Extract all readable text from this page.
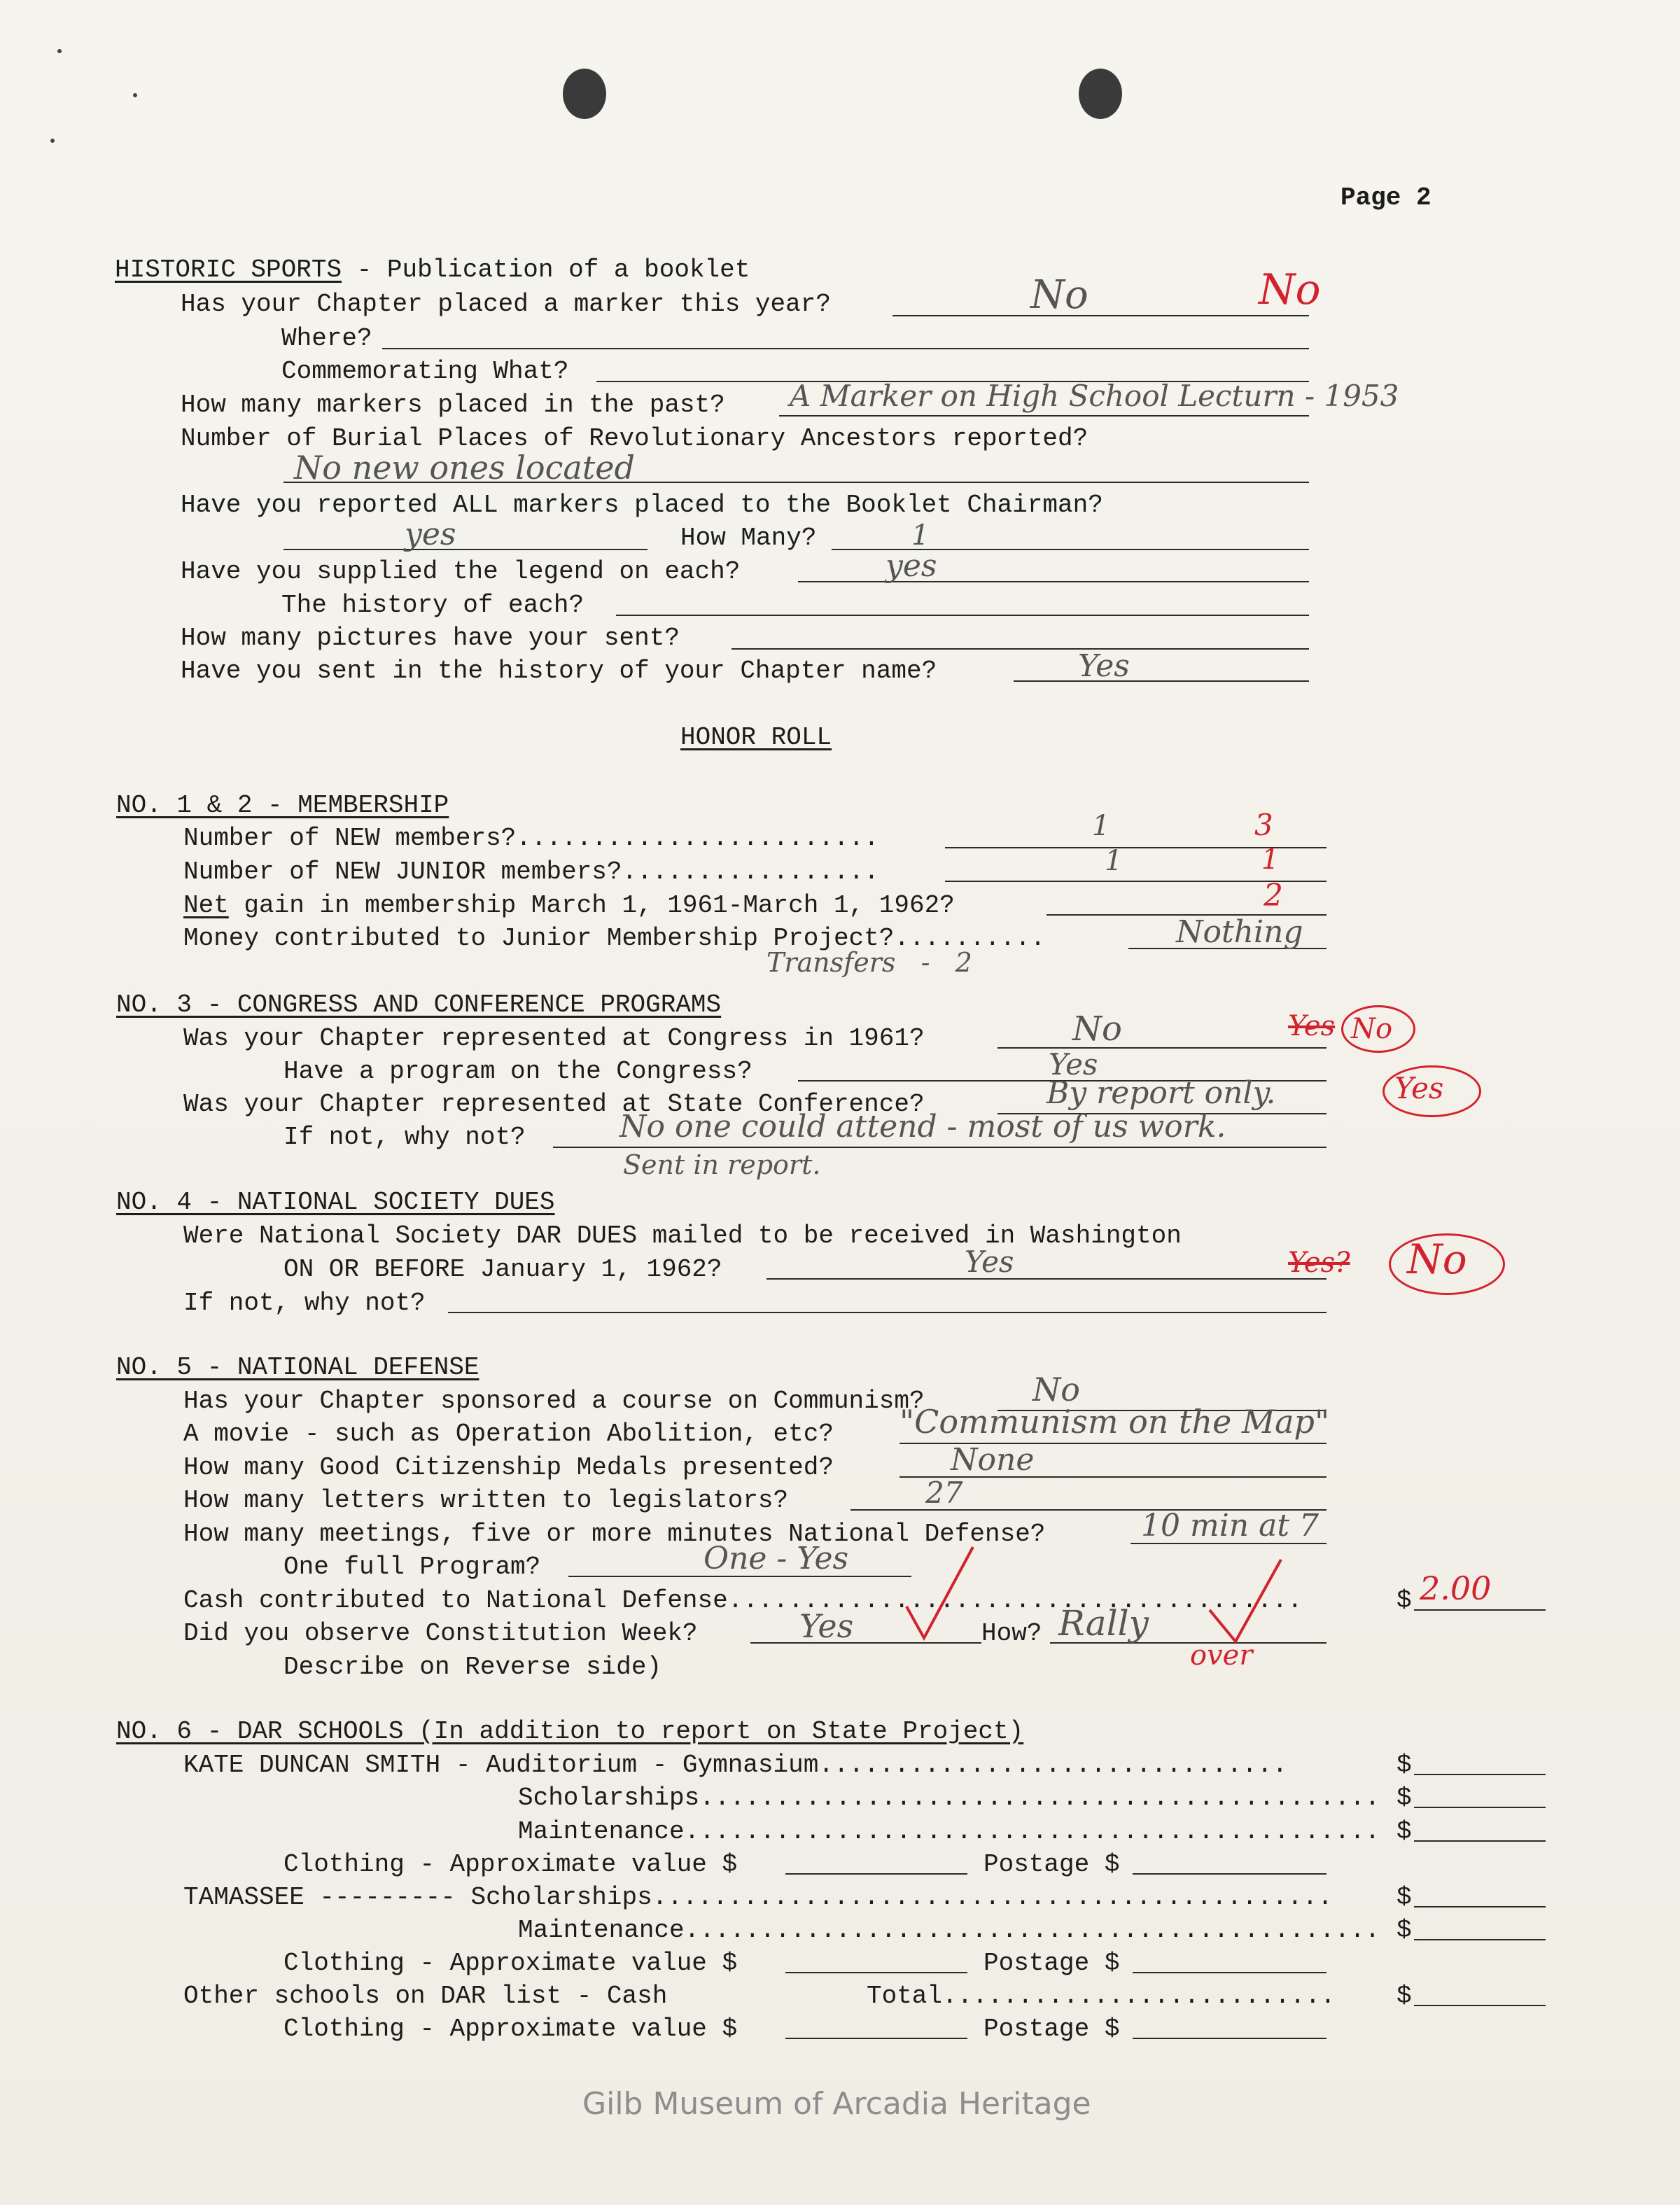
Page 2
HISTORIC SPORTS - Publication of a booklet
Has your Chapter placed a marker this year?	No	No
Where?
Commemorating What?
How many markers placed in the past? A Marker on High School Lecturn - 1953
Number of Burial Places of Revolutionary Ancestors reported?
No new ones located
Have you reported ALL markers placed to the Booklet Chairman?
yes	How Many?	1
Have you supplied the legend on each?	yes
The history of each?
How many pictures have your sent?
Have you sent in the history of your Chapter name?	Yes
HONOR ROLL
NO. 1 & 2 - MEMBERSHIP
Number of NEW members?........................	1	3
Number of NEW JUNIOR members?.................	1	1
Net gain in membership March 1, 1961-March 1, 1962?	2
Money contributed to Junior Membership Project?..........	Nothing
Transfers   -   2
NO. 3 - CONGRESS AND CONFERENCE PROGRAMS
Was your Chapter represented at Congress in 1961?	No	Yes No
Have a program on the Congress?	Yes
Was your Chapter represented at State Conference?	By report only.	Yes
If not, why not?	No one could attend - most of us work.
Sent in report.
NO. 4 - NATIONAL SOCIETY DUES
Were National Society DAR DUES mailed to be received in Washington
ON OR BEFORE January 1, 1962?	Yes	Yes? No
If not, why not?
NO. 5 - NATIONAL DEFENSE
Has your Chapter sponsored a course on Communism?	No
A movie - such as Operation Abolition, etc? "Communism on the Map"
How many Good Citizenship Medals presented?	None
How many letters written to legislators?	27
How many meetings, five or more minutes National Defense?	10 min at 7
One full Program?	One - Yes
Cash contributed to National Defense......................................	$ 2.00
Did you observe Constitution Week?	Yes	How? Rally
over
Describe on Reverse side)
NO. 6 - DAR SCHOOLS (In addition to report on State Project)
KATE DUNCAN SMITH - Auditorium - Gymnasium...............................	$
Scholarships............................................. $
Maintenance.............................................. $
Clothing - Approximate value $	Postage $
TAMASSEE --------- Scholarships.............................................	$
Maintenance.............................................. $
Clothing - Approximate value $	Postage $
Other schools on DAR list - Cash	Total.......................... $
Clothing - Approximate value $	Postage $
Gilb Museum of Arcadia Heritage
